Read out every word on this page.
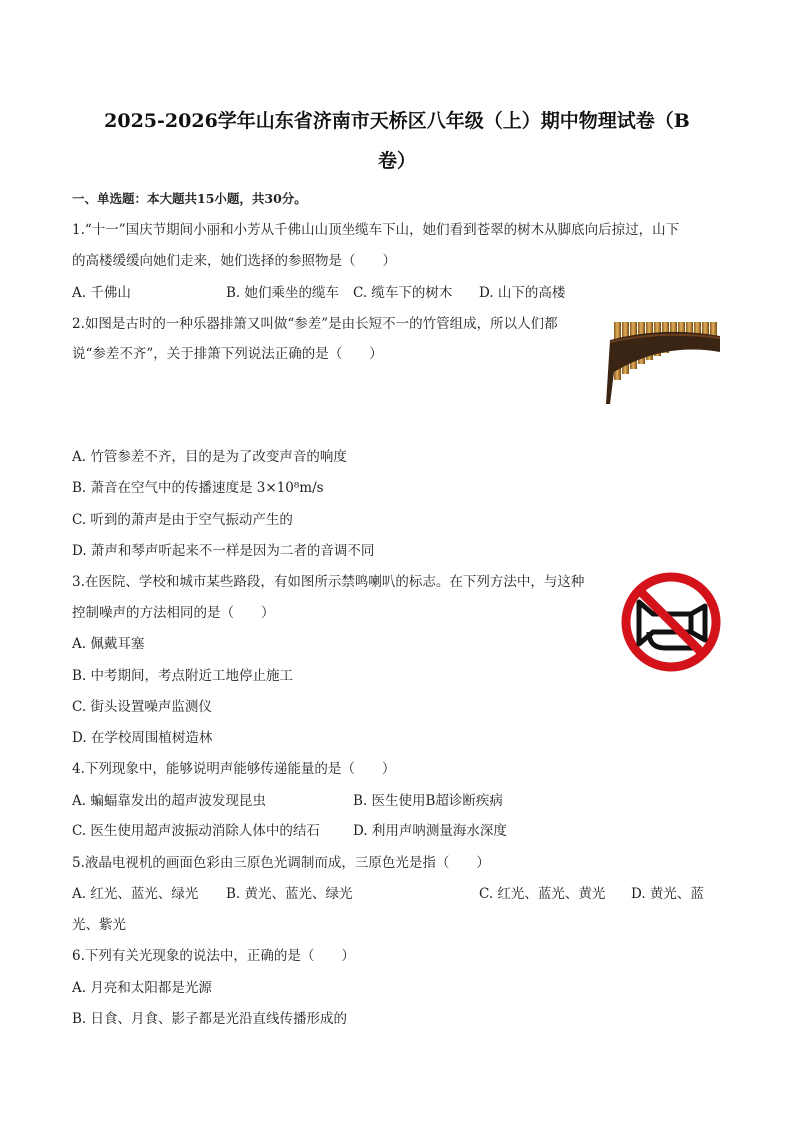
2025-2026学年山东省济南市天桥区八年级（上）期中物理试卷（B
卷）
一、单选题：本大题共15小题，共30分。
1.“十一”国庆节期间小丽和小芳从千佛山山顶坐缆车下山，她们看到苍翠的树木从脚底向后掠过，山下
的高楼缓缓向她们走来，她们选择的参照物是（　　）
A. 千佛山	B. 她们乘坐的缆车 C. 缆车下的树木 D. 山下的高楼
2.如图是古时的一种乐器排箫又叫做“参差”是由长短不一的竹管组成，所以人们都
说“参差不齐”，关于排箫下列说法正确的是（　　）
A. 竹管参差不齐，目的是为了改变声音的响度
B. 萧音在空气中的传播速度是 3×10⁸m/s
C. 听到的萧声是由于空气振动产生的
D. 萧声和琴声听起来不一样是因为二者的音调不同
3.在医院、学校和城市某些路段，有如图所示禁鸣喇叭的标志。在下列方法中，与这种
控制噪声的方法相同的是（　　）
A. 佩戴耳塞
B. 中考期间，考点附近工地停止施工
C. 街头设置噪声监测仪
D. 在学校周围植树造林
4.下列现象中，能够说明声能够传递能量的是（　　）
A. 蝙蝠靠发出的超声波发现昆虫	B. 医生使用B超诊断疾病
C. 医生使用超声波振动消除人体中的结石 D. 利用声呐测量海水深度
5.液晶电视机的画面色彩由三原色光调制而成，三原色光是指（　　）
A. 红光、蓝光、绿光 B. 黄光、蓝光、绿光	C. 红光、蓝光、黄光 D. 黄光、蓝
光、紫光
6.下列有关光现象的说法中，正确的是（　　）
A. 月亮和太阳都是光源
B. 日食、月食、影子都是光沿直线传播形成的
